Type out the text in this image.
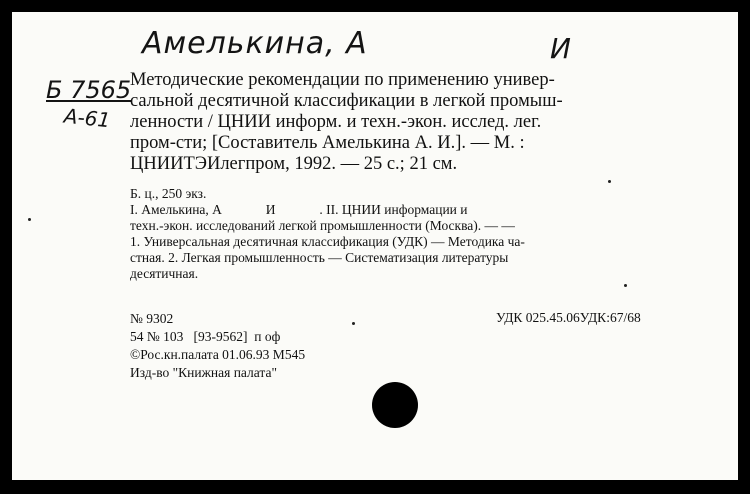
Амелькина, А	И
Б 7565
А-61
Методические рекомендации по применению универ-
сальной десятичной классификации в легкой промыш-
ленности / ЦНИИ информ. и техн.-экон. исслед. лег.
пром-сти; [Составитель Амелькина А. И.]. — М. :
ЦНИИТЭИлегпром, 1992. — 25 с.; 21 см.
Б. ц., 250 экз.
I. Амелькина, А             И             . II. ЦНИИ информации и
техн.-экон. исследований легкой промышленности (Москва). — —
1. Универсальная десятичная классификация (УДК) — Методика ча-
стная. 2. Легкая промышленность — Систематизация литературы
десятичная.
№ 9302
54 № 103   [93-9562]  п оф
©Рос.кн.палата 01.06.93 М545
Изд-во "Книжная палата"
УДК 025.45.06УДК:67/68
